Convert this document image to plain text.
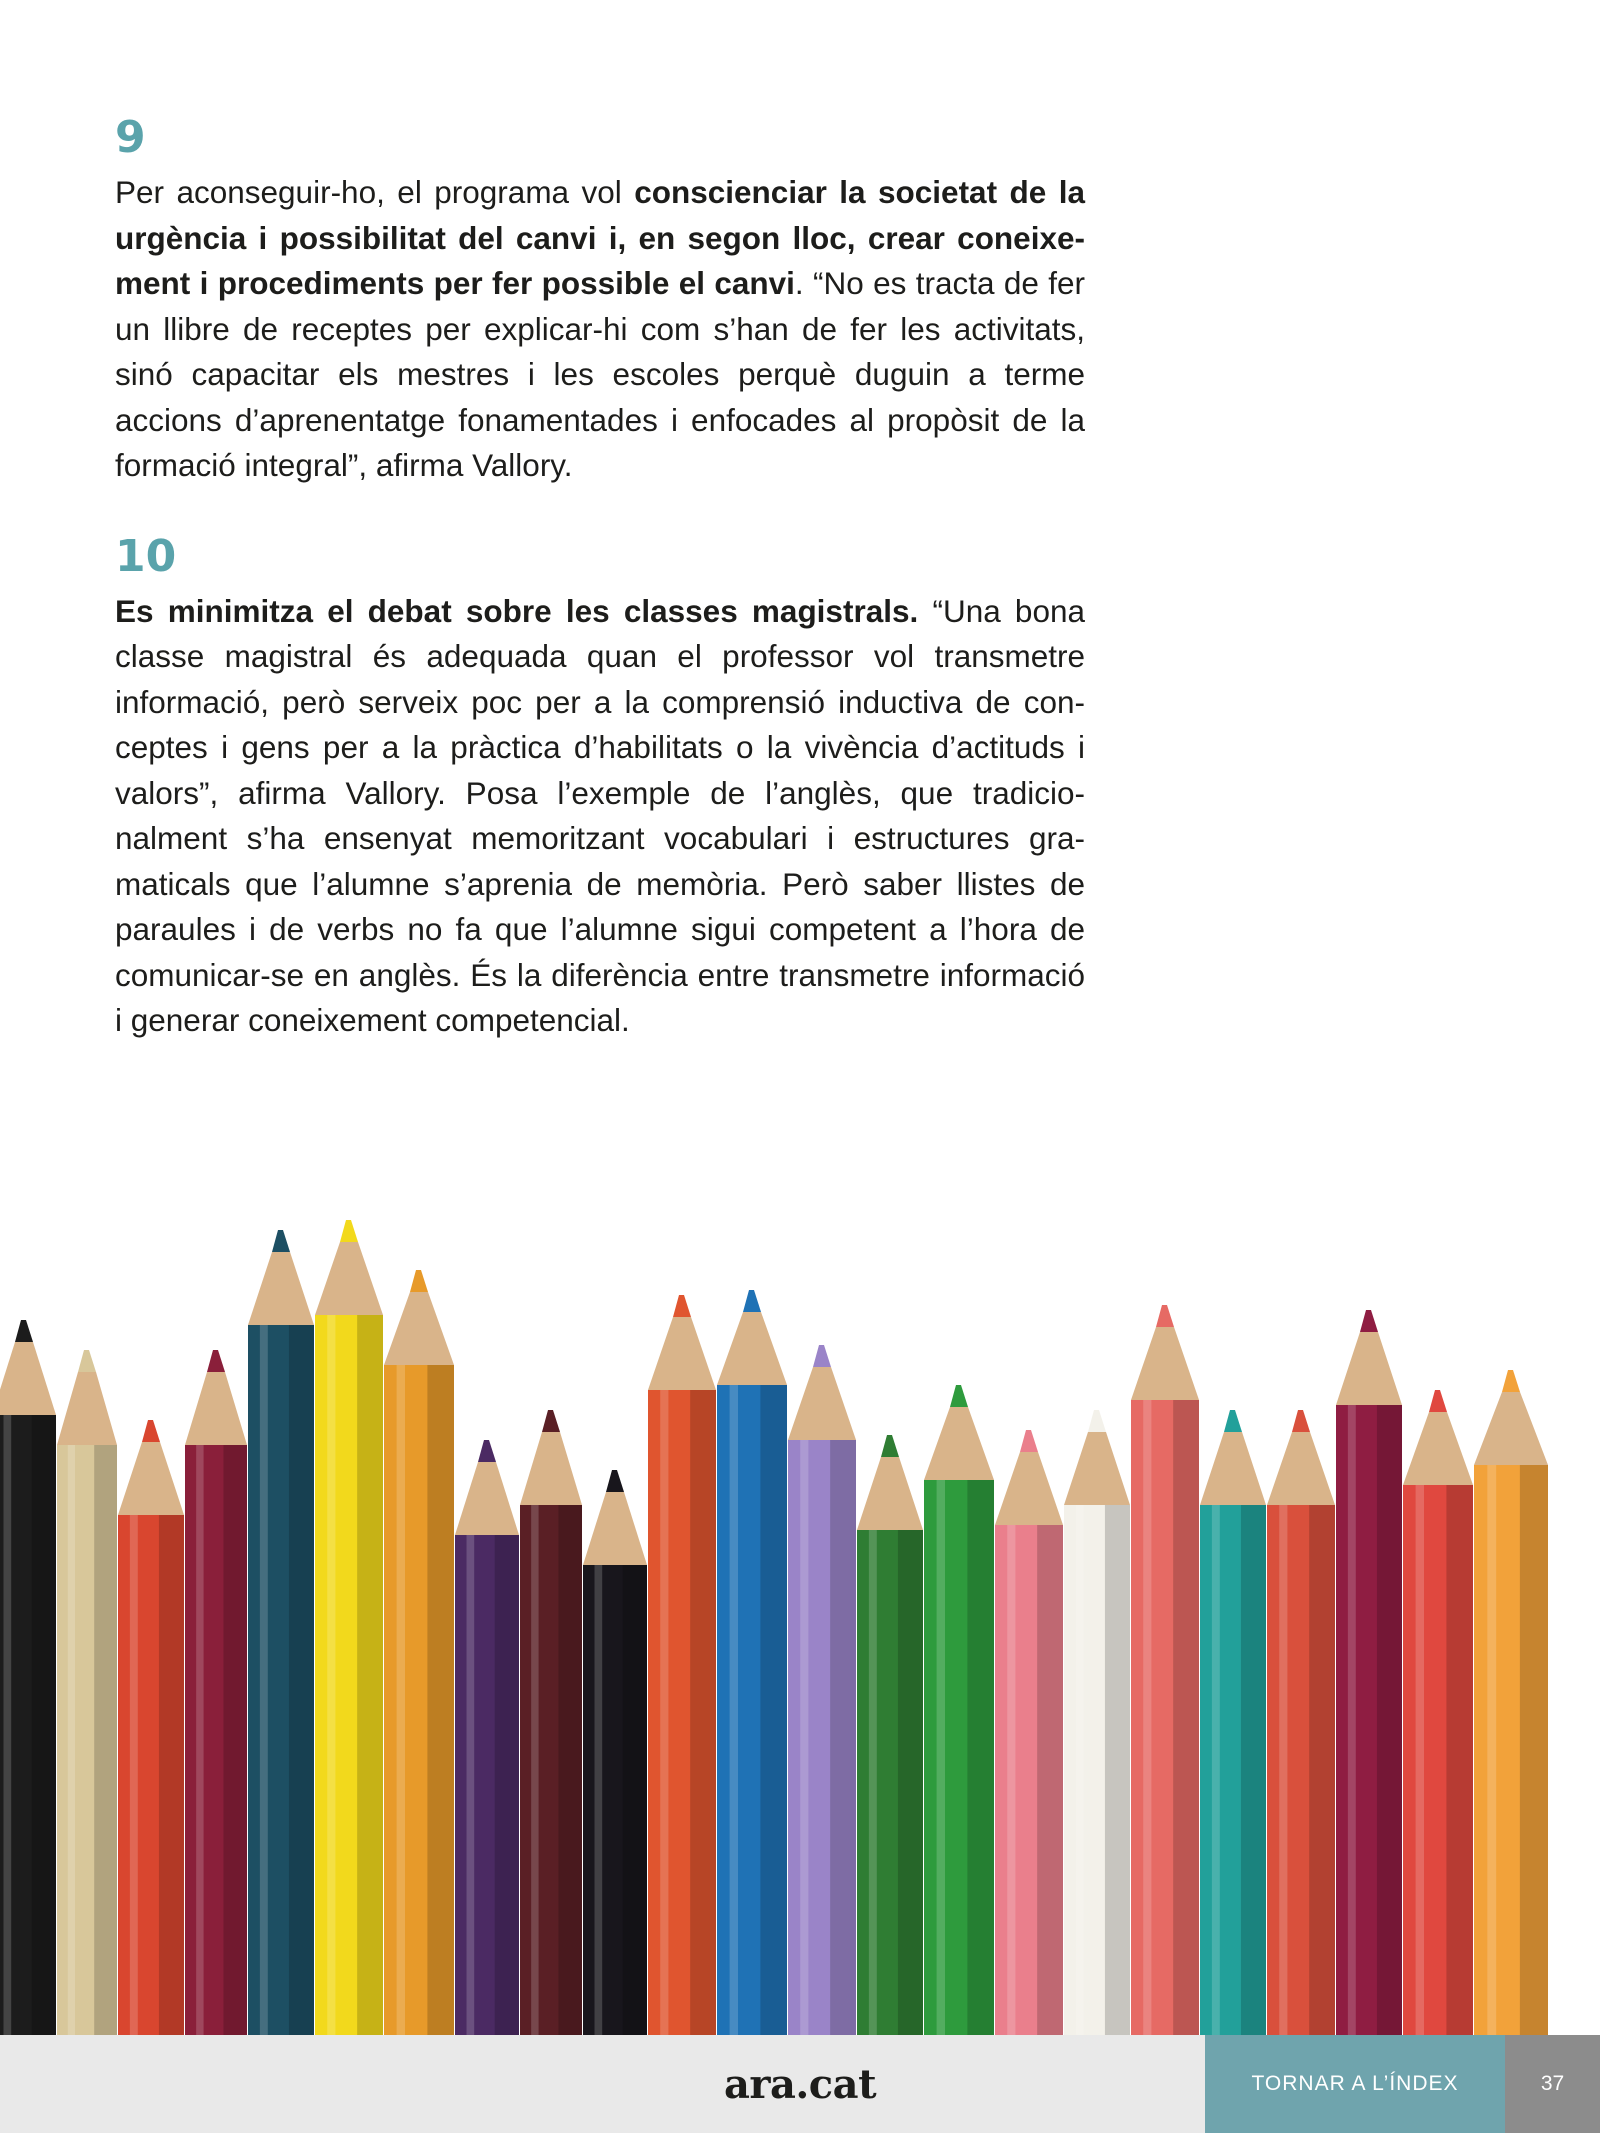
9

Per aconseguir-ho, el programa vol conscienciar la societat de la urgència i possibilitat del canvi i, en segon lloc, crear coneixement i procediments per fer possible el canvi. “No es tracta de fer un llibre de receptes per explicar-hi com s’han de fer les activitats, sinó capacitar els mestres i les escoles perquè duguin a terme accions d’aprenentatge fonamentades i enfocades al propòsit de la formació integral”, afirma Vallory.

10

Es minimitza el debat sobre les classes magistrals. “Una bona classe magistral és adequada quan el professor vol transmetre informació, però serveix poc per a la comprensió inductiva de conceptes i gens per a la pràctica d’habilitats o la vivència d’actituds i valors”, afirma Vallory. Posa l’exemple de l’anglès, que tradicionalment s’ha ensenyat memoritzant vocabulari i estructures gramaticals que l’alumne s’aprenia de memòria. Però saber llistes de paraules i de verbs no fa que l’alumne sigui competent a l’hora de comunicar-se en anglès. És la diferència entre transmetre informació i generar coneixement competencial.

ara.cat	TORNAR A L’ÍNDEX	37
